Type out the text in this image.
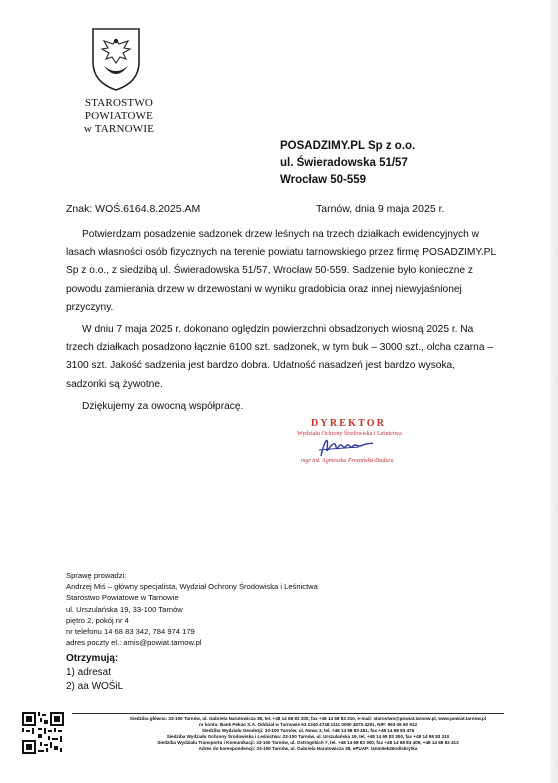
STAROSTWO POWIATOWE
w TARNOWIE
POSADZIMY.PL Sp z o.o.
ul. Świeradowska 51/57
Wrocław 50-559
Znak: WOŚ.6164.8.2025.AM	Tarnów, dnia 9 maja 2025 r.

Potwierdzam posadzenie sadzonek drzew leśnych na trzech działkach ewidencyjnych w lasach własności osób fizycznych na terenie powiatu tarnowskiego przez firmę POSADZIMY.PL Sp z o.o., z siedzibą ul. Świeradowska 51/57, Wrocław 50-559. Sadzenie było konieczne z powodu zamierania drzew w drzewostani w wyniku gradobicia oraz innej niewyjaśnionej przyczyny.

W dniu 7 maja 2025 r. dokonano oględzin powierzchni obsadzonych wiosną 2025 r. Na trzech działkach posadzono łącznie 6100 szt. sadzonek, w tym buk – 3000 szt., olcha czarna – 3100 szt. Jakość sadzenia jest bardzo dobra. Udatność nasadzeń jest bardzo wysoka, sadzonki są żywotne.

Dziękujemy za owocną współpracę.

DYREKTOR
Wydziału Ochrony Środowiska i Leśnictwa
mgr inż. Agnieszka Prozańska-Dadura
Sprawę prowadzi:
Andrzej Miś – główny specjalista, Wydział Ochrony Środowiska i Leśnictwa
Starostwo Powiatowe w Tarnowie
ul. Urszulańska 19, 33-100 Tarnów
piętro 2, pokój nr 4
nr telefonu 14 68 83 342, 784 974 179
adres poczty el.: amis@powiat.tarnow.pl
Otrzymują:
1) adresat
2) aa WOŚiL
Siedziba główna: 33-100 Tarnów, ul. Gabriela Narutowicza 38, tel. +48 14 68 83 300, fax +48 14 68 83 310, e-mail: starostwo@powiat.tarnow.pl, www.powiat.tarnow.pl
nr konta: Bank Pekao S.A. Oddział w Tarnowie 63 1240 4748 1111 0000 4873 4291, NIP: 993 06 60 913
Siedziba Wydziału Geodezji: 33-100 Tarnów, ul. Nowa 3, tel. +48 14 68 83 451, fax +48 14 68 83 476
Siedziba Wydziału Ochrony Środowiska i Leśnictwa: 33-100 Tarnów, ul. Urszulańska 19, tel. +48 14 68 83 300, fax +48 14 68 83 310
Siedziba Wydziału Transportu i Komunikacji: 33-100 Tarnów, ul. Ostrogskich 7, tel. +48 14 68 83 300, fax +48 14 68 83 409, +48 14 68 83 413
Adres do korespondencji: 33-100 Tarnów, ul. Gabriela Narutowicza 38, ePUAP: /4nm0ek36nd/skrytka
